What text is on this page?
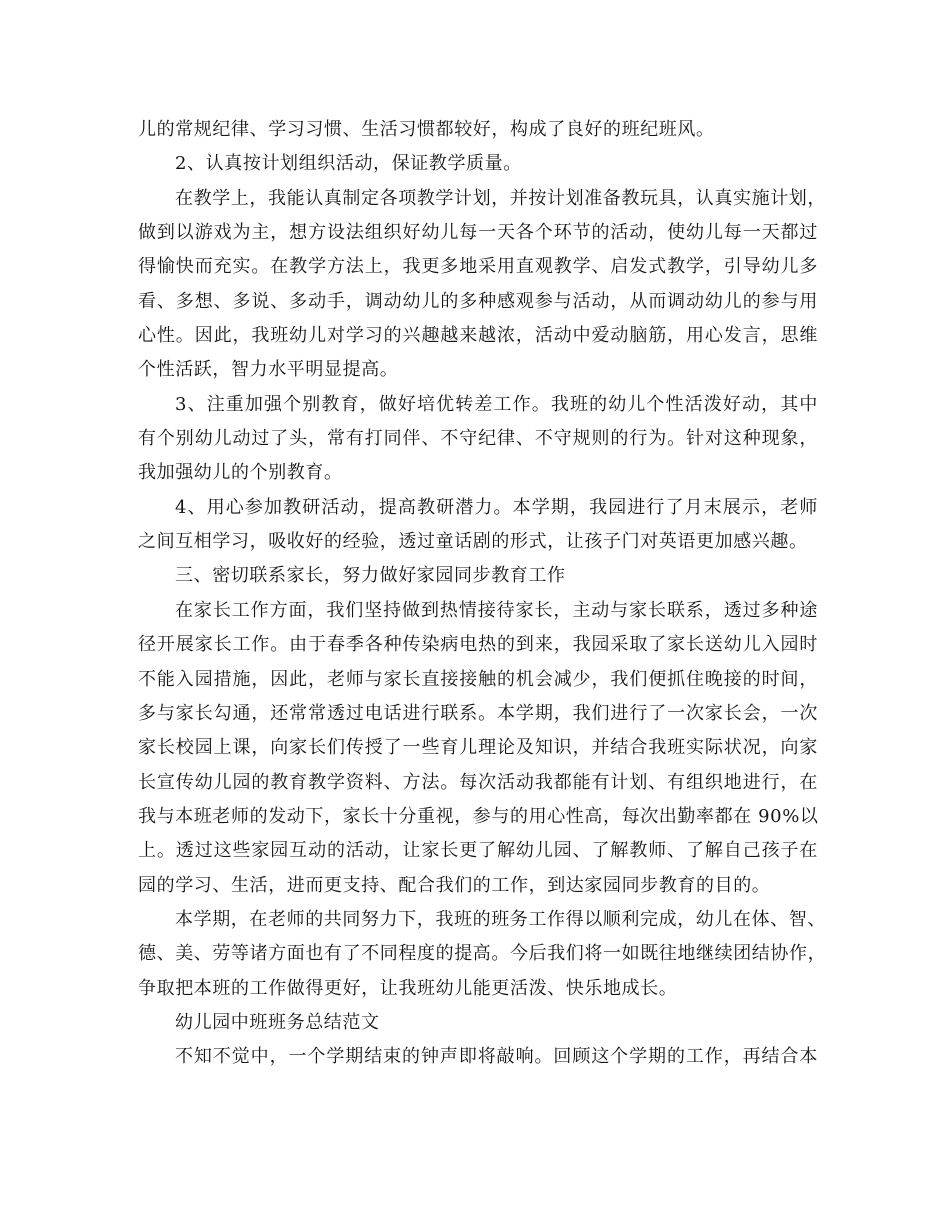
儿的常规纪律、学习习惯、生活习惯都较好，构成了良好的班纪班风。
2、认真按计划组织活动，保证教学质量。
在教学上，我能认真制定各项教学计划，并按计划准备教玩具，认真实施计划，
做到以游戏为主，想方设法组织好幼儿每一天各个环节的活动，使幼儿每一天都过
得愉快而充实。在教学方法上，我更多地采用直观教学、启发式教学，引导幼儿多
看、多想、多说、多动手，调动幼儿的多种感观参与活动，从而调动幼儿的参与用
心性。因此，我班幼儿对学习的兴趣越来越浓，活动中爱动脑筋，用心发言，思维
个性活跃，智力水平明显提高。
3、注重加强个别教育，做好培优转差工作。我班的幼儿个性活泼好动，其中
有个别幼儿动过了头，常有打同伴、不守纪律、不守规则的行为。针对这种现象，
我加强幼儿的个别教育。
4、用心参加教研活动，提高教研潜力。本学期，我园进行了月末展示，老师
之间互相学习，吸收好的经验，透过童话剧的形式，让孩子门对英语更加感兴趣。
三、密切联系家长，努力做好家园同步教育工作
在家长工作方面，我们坚持做到热情接待家长，主动与家长联系，透过多种途
径开展家长工作。由于春季各种传染病电热的到来，我园采取了家长送幼儿入园时
不能入园措施，因此，老师与家长直接接触的机会减少，我们便抓住晚接的时间，
多与家长勾通，还常常透过电话进行联系。本学期，我们进行了一次家长会，一次
家长校园上课，向家长们传授了一些育儿理论及知识，并结合我班实际状况，向家
长宣传幼儿园的教育教学资料、方法。每次活动我都能有计划、有组织地进行，在
我与本班老师的发动下，家长十分重视，参与的用心性高，每次出勤率都在 90%以
上。透过这些家园互动的活动，让家长更了解幼儿园、了解教师、了解自己孩子在
园的学习、生活，进而更支持、配合我们的工作，到达家园同步教育的目的。
本学期，在老师的共同努力下，我班的班务工作得以顺利完成，幼儿在体、智、
德、美、劳等诸方面也有了不同程度的提高。今后我们将一如既往地继续团结协作，
争取把本班的工作做得更好，让我班幼儿能更活泼、快乐地成长。
幼儿园中班班务总结范文
不知不觉中，一个学期结束的钟声即将敲响。回顾这个学期的工作，再结合本
